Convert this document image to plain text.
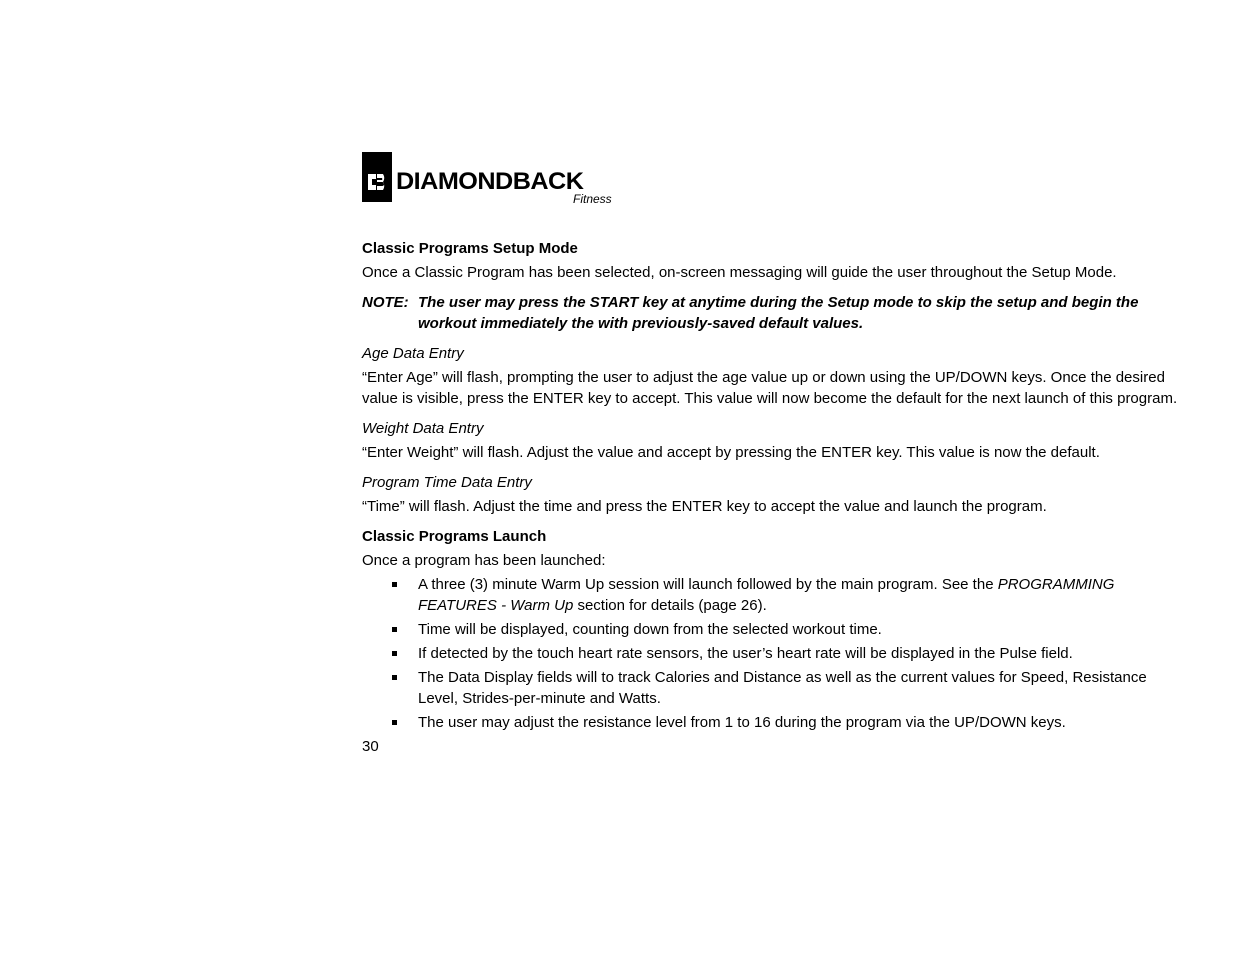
DIAMONDBACK
Fitness
Classic Programs Setup Mode
Once a Classic Program has been selected, on-screen messaging will guide the user throughout the Setup Mode.
NOTE: The user may press the START key at anytime during the Setup mode to skip the setup and begin the workout immediately the with previously-saved default values.
Age Data Entry
“Enter Age” will flash, prompting the user to adjust the age value up or down using the UP/DOWN keys. Once the desired value is visible, press the ENTER key to accept. This value will now become the default for the next launch of this program.
Weight Data Entry
“Enter Weight” will flash. Adjust the value and accept by pressing the ENTER key. This value is now the default.
Program Time Data Entry
“Time” will flash. Adjust the time and press the ENTER key to accept the value and launch the program.
Classic Programs Launch
Once a program has been launched:
A three (3) minute Warm Up session will launch followed by the main program. See the PROGRAMMING FEATURES - Warm Up section for details (page 26).
Time will be displayed, counting down from the selected workout time.
If detected by the touch heart rate sensors, the user’s heart rate will be displayed in the Pulse field.
The Data Display fields will to track Calories and Distance as well as the current values for Speed, Resistance Level, Strides-per-minute and Watts.
The user may adjust the resistance level from 1 to 16 during the program via the UP/DOWN keys.
30
